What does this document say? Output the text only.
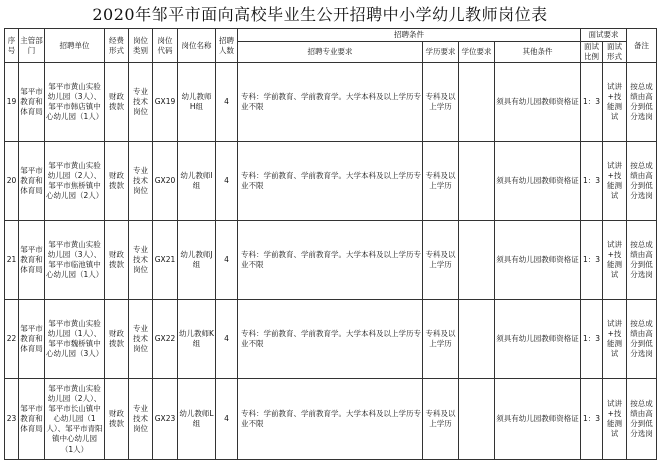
2020年邹平市面向高校毕业生公开招聘中小学幼儿教师岗位表
序号	主管部门	招聘单位	经费形式	岗位类别	岗位代码	岗位名称	招聘人数	招聘条件				面试要求		备注
								招聘专业要求	学历要求	学位要求	其他条件	面试比例	面试形式	
19	邹平市教育和体育局	邹平市黄山实验幼儿园（3人）、邹平市韩店镇中心幼儿园（1人）	财政拨款	专业技术岗位	GX19	幼儿教师H组	4	专科：学前教育、学前教育学。大学本科及以上学历专业不限	专科及以上学历		须具有幼儿园教师资格证	1：3	试讲+技能测试	按总成绩由高分到低分选岗
20	邹平市教育和体育局	邹平市黄山实验幼儿园（2人）、邹平市焦桥镇中心幼儿园（2人）	财政拨款	专业技术岗位	GX20	幼儿教师I组	4	专科：学前教育、学前教育学。大学本科及以上学历专业不限	专科及以上学历		须具有幼儿园教师资格证	1：3	试讲+技能测试	按总成绩由高分到低分选岗
21	邹平市教育和体育局	邹平市黄山实验幼儿园（3人）、邹平市临池镇中心幼儿园（1人）	财政拨款	专业技术岗位	GX21	幼儿教师J组	4	专科：学前教育、学前教育学。大学本科及以上学历专业不限	专科及以上学历		须具有幼儿园教师资格证	1：3	试讲+技能测试	按总成绩由高分到低分选岗
22	邹平市教育和体育局	邹平市黄山实验幼儿园（1人）、邹平市魏桥镇中心幼儿园（3人）	财政拨款	专业技术岗位	GX22	幼儿教师K组	4	专科：学前教育、学前教育学。大学本科及以上学历专业不限	专科及以上学历		须具有幼儿园教师资格证	1：3	试讲+技能测试	按总成绩由高分到低分选岗
23	邹平市教育和体育局	邹平市黄山实验幼儿园（2人）、邹平市长山镇中心幼儿园（1人）、邹平市青阳镇中心幼儿园（1人）	财政拨款	专业技术岗位	GX23	幼儿教师L组	4	专科：学前教育、学前教育学。大学本科及以上学历专业不限	专科及以上学历		须具有幼儿园教师资格证	1：3	试讲+技能测试	按总成绩由高分到低分选岗
